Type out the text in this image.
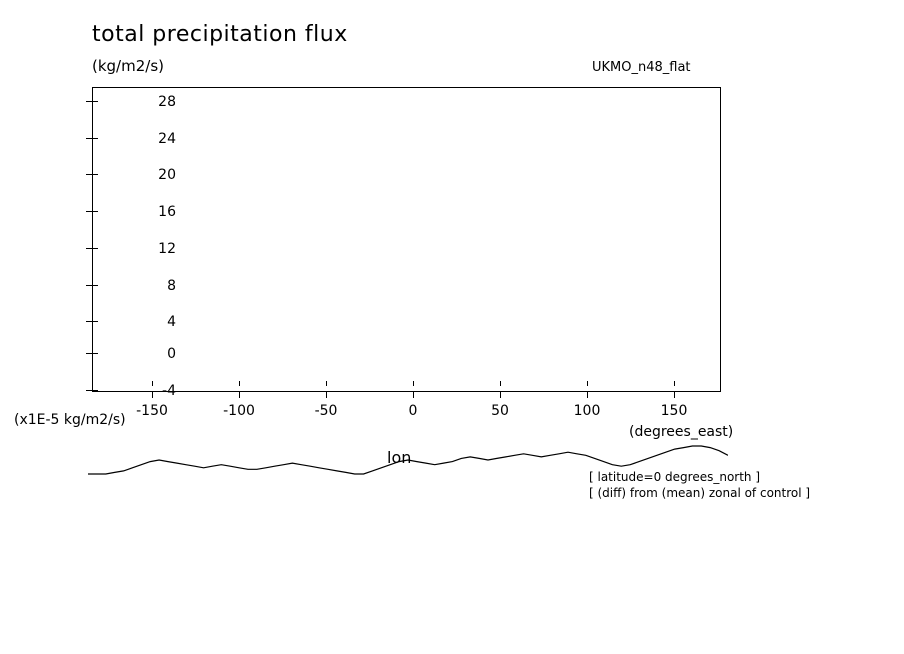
total precipitation flux
(kg/m2/s)	UKMO_n48_flat
28
24
20
16
12
8
4
0
-4
-150	-100	-50	0	50	100	150
(x1E-5 kg/m2/s)
(degrees_east)
lon
[ latitude=0 degrees_north ]
[ (diff) from (mean) zonal of control ]
